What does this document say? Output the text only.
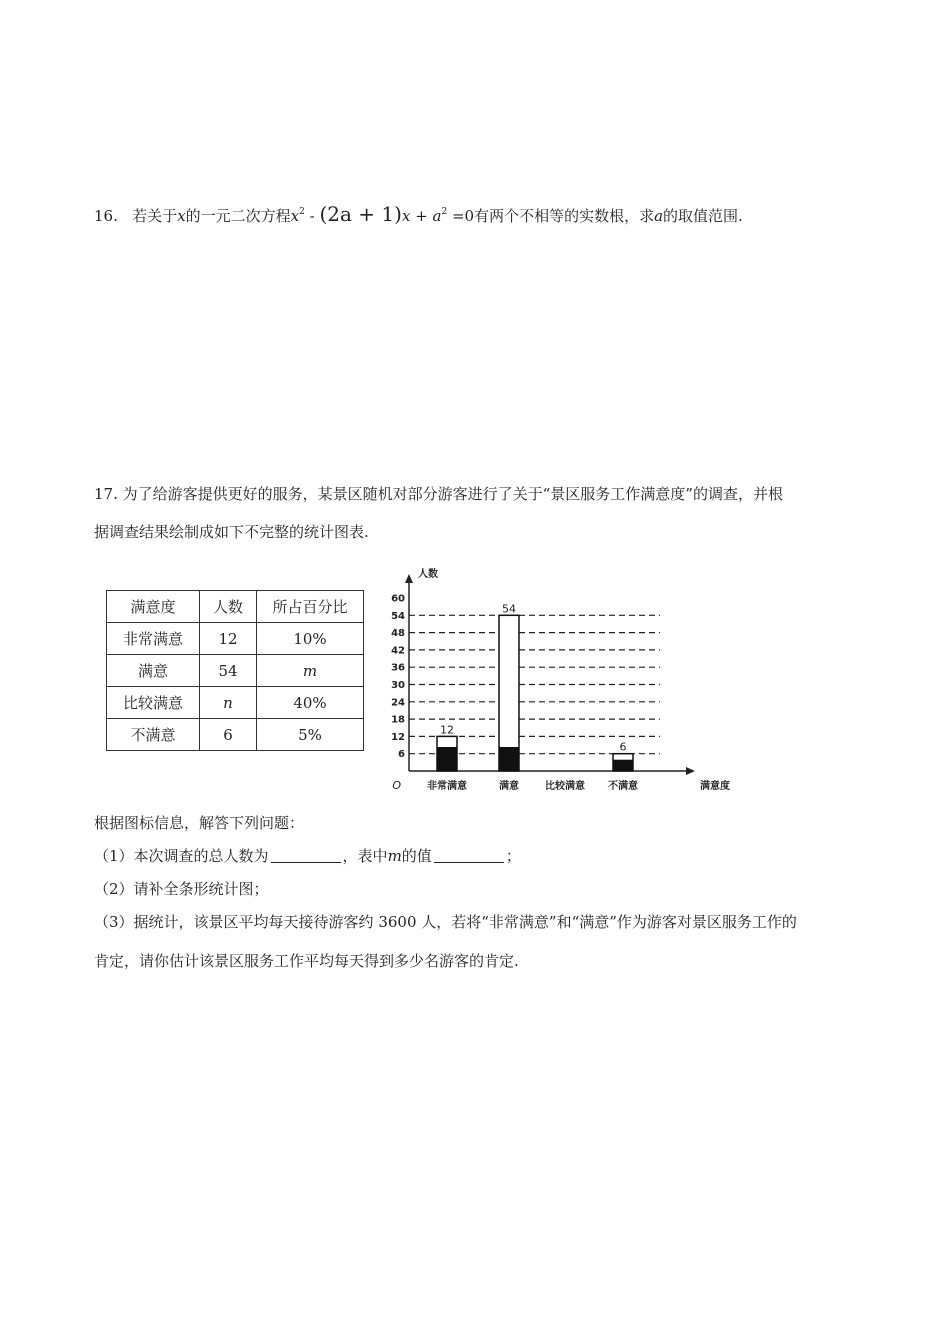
16. 若关于x的一元二次方程$x^2 - (2a + 1)x + a^2 =0$有两个不相等的实数根，求a的取值范围.
17. 为了给游客提供更好的服务，某景区随机对部分游客进行了关于“景区服务工作满意度”的调查，并根
据调查结果绘制成如下不完整的统计图表.
满意度	人数	所占百分比
非常满意	12	10%
满意	54	m
比较满意	n	40%
不满意	6	5%
6
12
18
24
30
36
42
48
54
60
人数
满意度
O	非常满意
12
满意
54
比较满意 不满意
6
根据图标信息，解答下列问题：
（1）本次调查的总人数为	，表中m的值	；
（2）请补全条形统计图；
（3）据统计，该景区平均每天接待游客约 3600 人，若将“非常满意”和“满意”作为游客对景区服务工作的
肯定，请你估计该景区服务工作平均每天得到多少名游客的肯定.
